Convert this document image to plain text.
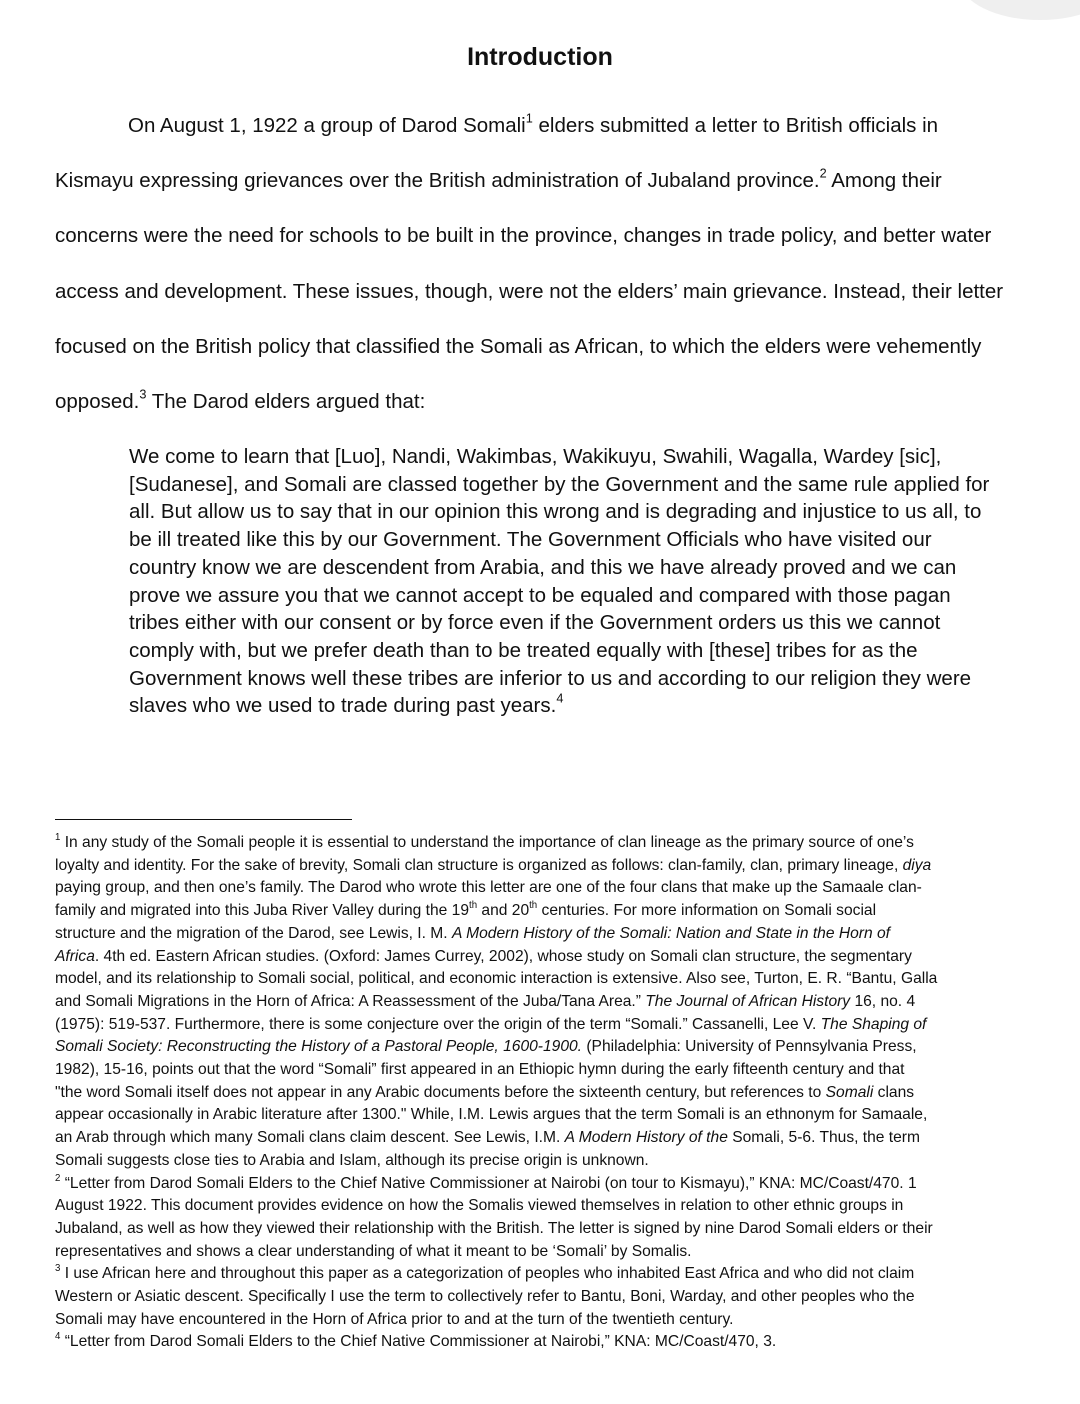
Introduction
On August 1, 1922 a group of Darod Somali$^1$ elders submitted a letter to British officials in
Kismayu expressing grievances over the British administration of Jubaland province.$^2$ Among their
concerns were the need for schools to be built in the province, changes in trade policy, and better water
access and development. These issues, though, were not the elders’ main grievance. Instead, their letter
focused on the British policy that classified the Somali as African, to which the elders were vehemently
opposed.$^3$ The Darod elders argued that:
We come to learn that [Luo], Nandi, Wakimbas, Wakikuyu, Swahili, Wagalla, Wardey [sic],
[Sudanese], and Somali are classed together by the Government and the same rule applied for
all. But allow us to say that in our opinion this wrong and is degrading and injustice to us all, to
be ill treated like this by our Government. The Government Officials who have visited our
country know we are descendent from Arabia, and this we have already proved and we can
prove we assure you that we cannot accept to be equaled and compared with those pagan
tribes either with our consent or by force even if the Government orders us this we cannot
comply with, but we prefer death than to be treated equally with [these] tribes for as the
Government knows well these tribes are inferior to us and according to our religion they were
slaves who we used to trade during past years.$^4$
$^1$ In any study of the Somali people it is essential to understand the importance of clan lineage as the primary source of one’s
loyalty and identity. For the sake of brevity, Somali clan structure is organized as follows: clan-family, clan, primary lineage, diya
paying group, and then one’s family. The Darod who wrote this letter are one of the four clans that make up the Samaale clan-
family and migrated into this Juba River Valley during the 19th and 20th centuries. For more information on Somali social
structure and the migration of the Darod, see Lewis, I. M. A Modern History of the Somali: Nation and State in the Horn of
Africa. 4th ed. Eastern African studies. (Oxford: James Currey, 2002), whose study on Somali clan structure, the segmentary
model, and its relationship to Somali social, political, and economic interaction is extensive. Also see, Turton, E. R. “Bantu, Galla
and Somali Migrations in the Horn of Africa: A Reassessment of the Juba/Tana Area.” The Journal of African History 16, no. 4
(1975): 519-537. Furthermore, there is some conjecture over the origin of the term “Somali.” Cassanelli, Lee V. The Shaping of
Somali Society: Reconstructing the History of a Pastoral People, 1600-1900. (Philadelphia: University of Pennsylvania Press,
1982), 15-16, points out that the word “Somali” first appeared in an Ethiopic hymn during the early fifteenth century and that
"the word Somali itself does not appear in any Arabic documents before the sixteenth century, but references to Somali clans
appear occasionally in Arabic literature after 1300." While, I.M. Lewis argues that the term Somali is an ethnonym for Samaale,
an Arab through which many Somali clans claim descent. See Lewis, I.M. A Modern History of the Somali, 5-6. Thus, the term
Somali suggests close ties to Arabia and Islam, although its precise origin is unknown.
$^2$ “Letter from Darod Somali Elders to the Chief Native Commissioner at Nairobi (on tour to Kismayu),” KNA: MC/Coast/470. 1
August 1922. This document provides evidence on how the Somalis viewed themselves in relation to other ethnic groups in
Jubaland, as well as how they viewed their relationship with the British. The letter is signed by nine Darod Somali elders or their
representatives and shows a clear understanding of what it meant to be ‘Somali’ by Somalis.
$^3$ I use African here and throughout this paper as a categorization of peoples who inhabited East Africa and who did not claim
Western or Asiatic descent. Specifically I use the term to collectively refer to Bantu, Boni, Warday, and other peoples who the
Somali may have encountered in the Horn of Africa prior to and at the turn of the twentieth century.
$^4$ “Letter from Darod Somali Elders to the Chief Native Commissioner at Nairobi,” KNA: MC/Coast/470, 3.
